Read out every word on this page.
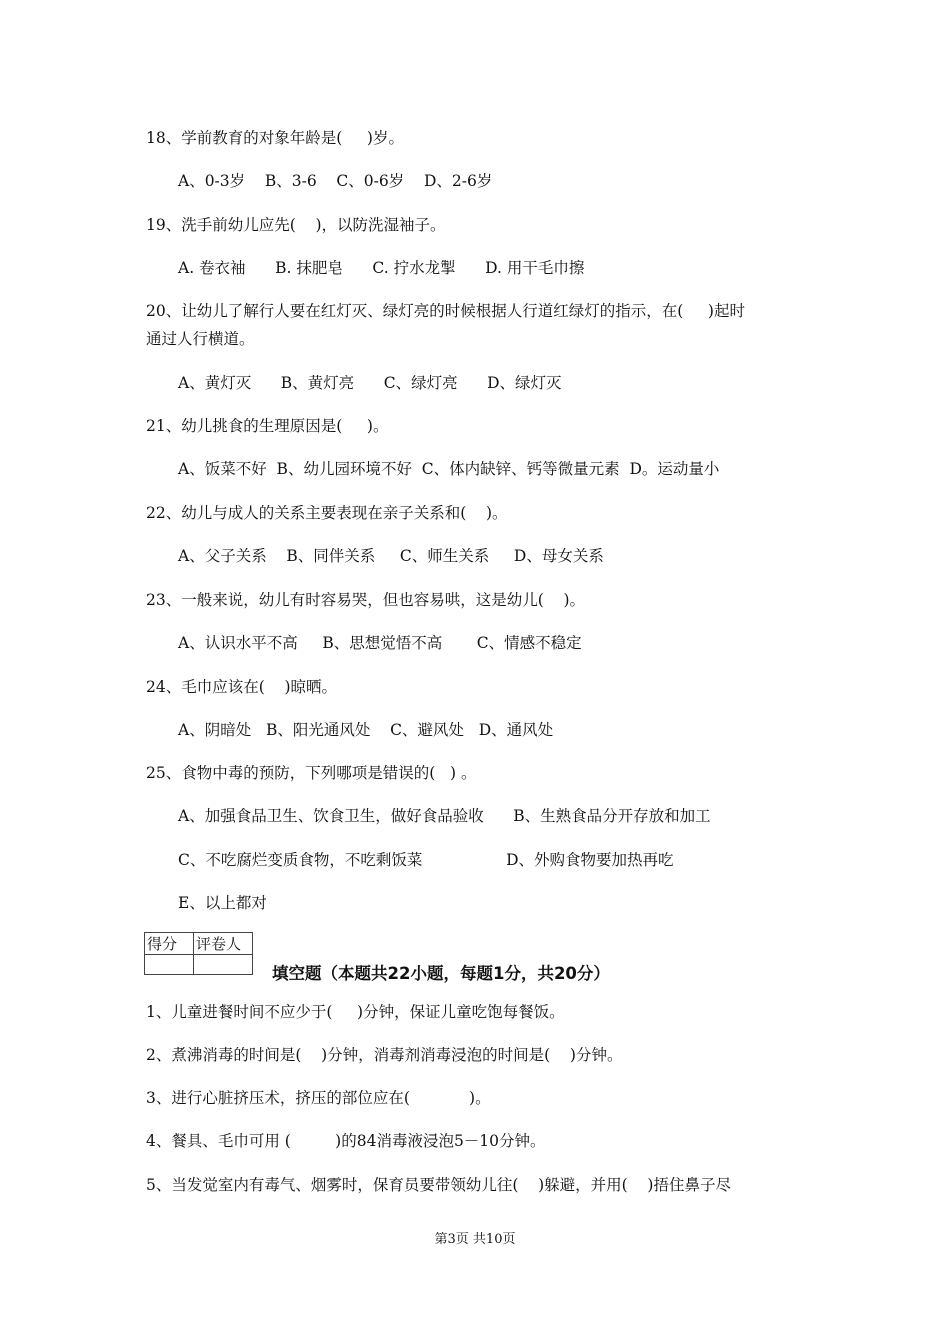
18、学前教育的对象年龄是(     )岁。
A、0-3岁    B、3-6    C、0-6岁    D、2-6岁
19、洗手前幼儿应先(    )，以防洗湿袖子。
A. 卷衣袖      B. 抹肥皂      C. 拧水龙掣      D. 用干毛巾擦
20、让幼儿了解行人要在红灯灭、绿灯亮的时候根据人行道红绿灯的指示，在(     )起时
通过人行横道。
A、黄灯灭      B、黄灯亮      C、绿灯亮      D、绿灯灭
21、幼儿挑食的生理原因是(     )。
A、饭菜不好  B、幼儿园环境不好  C、体内缺锌、钙等微量元素  D。运动量小
22、幼儿与成人的关系主要表现在亲子关系和(    )。
A、父子关系    B、同伴关系     C、师生关系     D、母女关系
23、一般来说，幼儿有时容易哭，但也容易哄，这是幼儿(    )。
A、认识水平不高     B、思想觉悟不高       C、情感不稳定
24、毛巾应该在(    )晾晒。
A、阴暗处   B、阳光通风处    C、避风处   D、通风处
25、食物中毒的预防，下列哪项是错误的(   ) 。
A、加强食品卫生、饮食卫生，做好食品验收      B、生熟食品分开存放和加工
C、不吃腐烂变质食物，不吃剩饭菜                 D、外购食物要加热再吃
E、以上都对
得分	评卷人

填空题（本题共22小题，每题1分，共20分）
1、儿童进餐时间不应少于(     )分钟，保证儿童吃饱每餐饭。
2、煮沸消毒的时间是(    )分钟，消毒剂消毒浸泡的时间是(    )分钟。
3、进行心脏挤压术，挤压的部位应在(            )。
4、餐具、毛巾可用 (         )的84消毒液浸泡5－10分钟。
5、当发觉室内有毒气、烟雾时，保育员要带领幼儿往(    )躲避，并用(    )捂住鼻子尽
第3页 共10页
